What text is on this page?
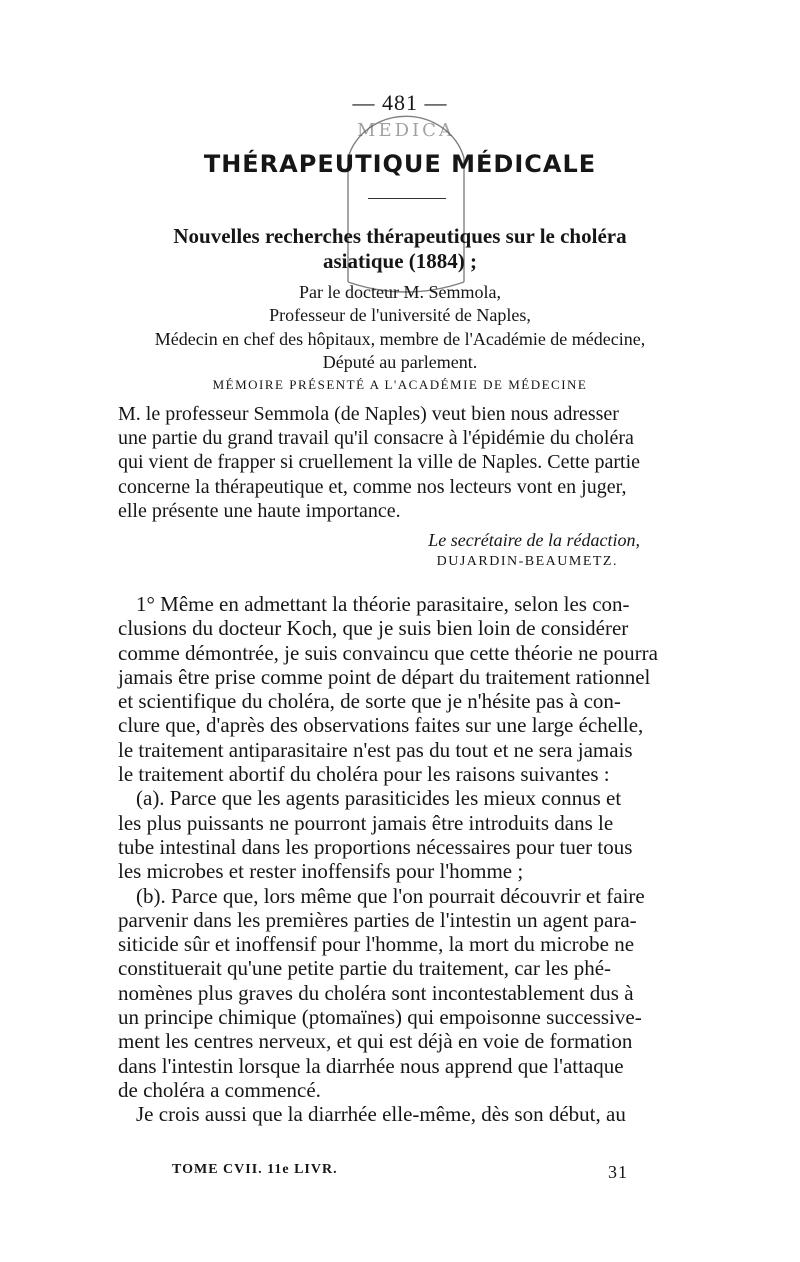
— 481 —
MEDICA
THÉRAPEUTIQUE MÉDICALE
Nouvelles recherches thérapeutiques sur le choléra
asiatique (1884) ;
Par le docteur M. Semmola,
Professeur de l'université de Naples,
Médecin en chef des hôpitaux, membre de l'Académie de médecine,
Député au parlement.
MÉMOIRE PRÉSENTÉ A L'ACADÉMIE DE MÉDECINE
M. le professeur Semmola (de Naples) veut bien nous adresser
une partie du grand travail qu'il consacre à l'épidémie du choléra
qui vient de frapper si cruellement la ville de Naples. Cette partie
concerne la thérapeutique et, comme nos lecteurs vont en juger,
elle présente une haute importance.
Le secrétaire de la rédaction,
DUJARDIN-BEAUMETZ.
1° Même en admettant la théorie parasitaire, selon les con-
clusions du docteur Koch, que je suis bien loin de considérer
comme démontrée, je suis convaincu que cette théorie ne pourra
jamais être prise comme point de départ du traitement rationnel
et scientifique du choléra, de sorte que je n'hésite pas à con-
clure que, d'après des observations faites sur une large échelle,
le traitement antiparasitaire n'est pas du tout et ne sera jamais
le traitement abortif du choléra pour les raisons suivantes :
(a). Parce que les agents parasiticides les mieux connus et
les plus puissants ne pourront jamais être introduits dans le
tube intestinal dans les proportions nécessaires pour tuer tous
les microbes et rester inoffensifs pour l'homme ;
(b). Parce que, lors même que l'on pourrait découvrir et faire
parvenir dans les premières parties de l'intestin un agent para-
siticide sûr et inoffensif pour l'homme, la mort du microbe ne
constituerait qu'une petite partie du traitement, car les phé-
nomènes plus graves du choléra sont incontestablement dus à
un principe chimique (ptomaïnes) qui empoisonne successive-
ment les centres nerveux, et qui est déjà en voie de formation
dans l'intestin lorsque la diarrhée nous apprend que l'attaque
de choléra a commencé.
Je crois aussi que la diarrhée elle-même, dès son début, au
TOME CVII. 11e LIVR.	31
